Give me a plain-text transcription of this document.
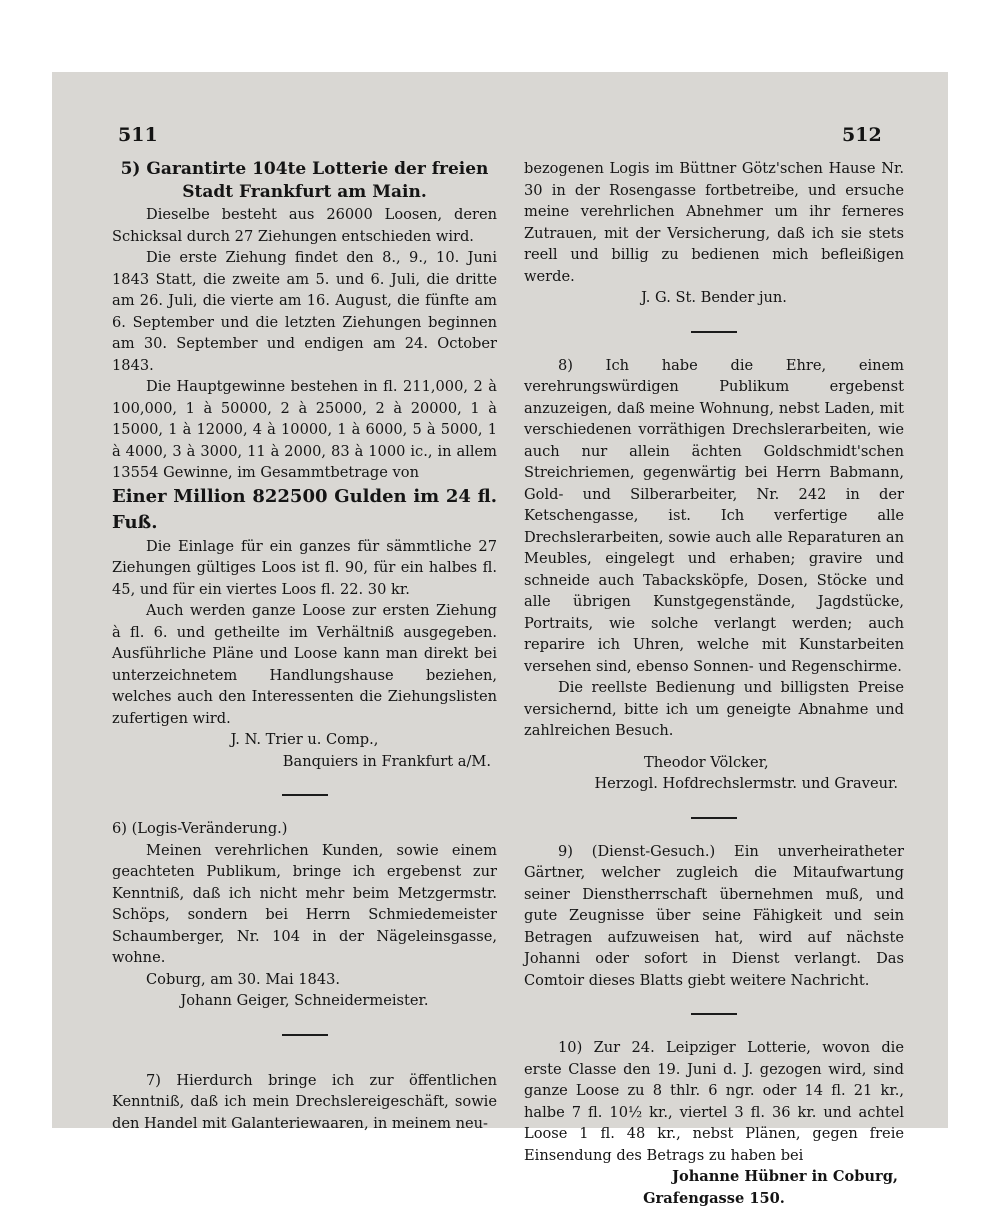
511	512

5) Garantirte 104te Lotterie der freien

Stadt Frankfurt am Main.

Dieselbe besteht aus 26000 Loosen, deren Schicksal durch 27 Ziehungen entschieden wird.

Die erste Ziehung findet den 8., 9., 10. Juni 1843 Statt, die zweite am 5. und 6. Juli, die dritte am 26. Juli, die vierte am 16. August, die fünfte am 6. September und die letzten Ziehungen beginnen am 30. September und endigen am 24. October 1843.

Die Hauptgewinne bestehen in fl. 211,000, 2 à 100,000, 1 à 50000, 2 à 25000, 2 à 20000, 1 à 15000, 1 à 12000, 4 à 10000, 1 à 6000, 5 à 5000, 1 à 4000, 3 à 3000, 11 à 2000, 83 à 1000 ic., in allem 13554 Gewinne, im Gesammtbetrage von

Einer Million 822500 Gulden im 24 fl. Fuß.

Die Einlage für ein ganzes für sämmtliche 27 Ziehungen gültiges Loos ist fl. 90, für ein halbes fl. 45, und für ein viertes Loos fl. 22. 30 kr.

Auch werden ganze Loose zur ersten Ziehung à fl. 6. und getheilte im Verhältniß ausgegeben. Ausführliche Pläne und Loose kann man direkt bei unterzeichnetem Handlungshause beziehen, welches auch den Interessenten die Ziehungslisten zufertigen wird.

J. N. Trier u. Comp.,

Banquiers in Frankfurt a/M.

6) (Logis-Veränderung.)

Meinen verehrlichen Kunden, sowie einem geachteten Publikum, bringe ich ergebenst zur Kenntniß, daß ich nicht mehr beim Metzgermstr. Schöps, sondern bei Herrn Schmiedemeister Schaumberger, Nr. 104 in der Nägeleinsgasse, wohne.

Coburg, am 30. Mai 1843.

Johann Geiger, Schneidermeister.

7) Hierdurch bringe ich zur öffentlichen Kenntniß, daß ich mein Drechslereigeschäft, sowie den Handel mit Galanteriewaaren, in meinem neu-

bezogenen Logis im Büttner Götz'schen Hause Nr. 30 in der Rosengasse fortbetreibe, und ersuche meine verehrlichen Abnehmer um ihr ferneres Zutrauen, mit der Versicherung, daß ich sie stets reell und billig zu bedienen mich befleißigen werde.

J. G. St. Bender jun.

8) Ich habe die Ehre, einem verehrungswürdigen Publikum ergebenst anzuzeigen, daß meine Wohnung, nebst Laden, mit verschiedenen vorräthigen Drechslerarbeiten, wie auch nur allein ächten Goldschmidt'schen Streichriemen, gegenwärtig bei Herrn Babmann, Gold- und Silberarbeiter, Nr. 242 in der Ketschengasse, ist. Ich verfertige alle Drechslerarbeiten, sowie auch alle Reparaturen an Meubles, eingelegt und erhaben; gravire und schneide auch Tabacksköpfe, Dosen, Stöcke und alle übrigen Kunstgegenstände, Jagdstücke, Portraits, wie solche verlangt werden; auch reparire ich Uhren, welche mit Kunstarbeiten versehen sind, ebenso Sonnen- und Regenschirme.

Die reellste Bedienung und billigsten Preise versichernd, bitte ich um geneigte Abnahme und zahlreichen Besuch.

Theodor Völcker,

Herzogl. Hofdrechslermstr. und Graveur.

9) (Dienst-Gesuch.) Ein unverheiratheter Gärtner, welcher zugleich die Mitaufwartung seiner Dienstherrschaft übernehmen muß, und gute Zeugnisse über seine Fähigkeit und sein Betragen aufzuweisen hat, wird auf nächste Johanni oder sofort in Dienst verlangt. Das Comtoir dieses Blatts giebt weitere Nachricht.

10) Zur 24. Leipziger Lotterie, wovon die erste Classe den 19. Juni d. J. gezogen wird, sind ganze Loose zu 8 thlr. 6 ngr. oder 14 fl. 21 kr., halbe 7 fl. 10½ kr., viertel 3 fl. 36 kr. und achtel Loose 1 fl. 48 kr., nebst Plänen, gegen freie Einsendung des Betrags zu haben bei

Johanne Hübner in Coburg,

Grafengasse 150.
